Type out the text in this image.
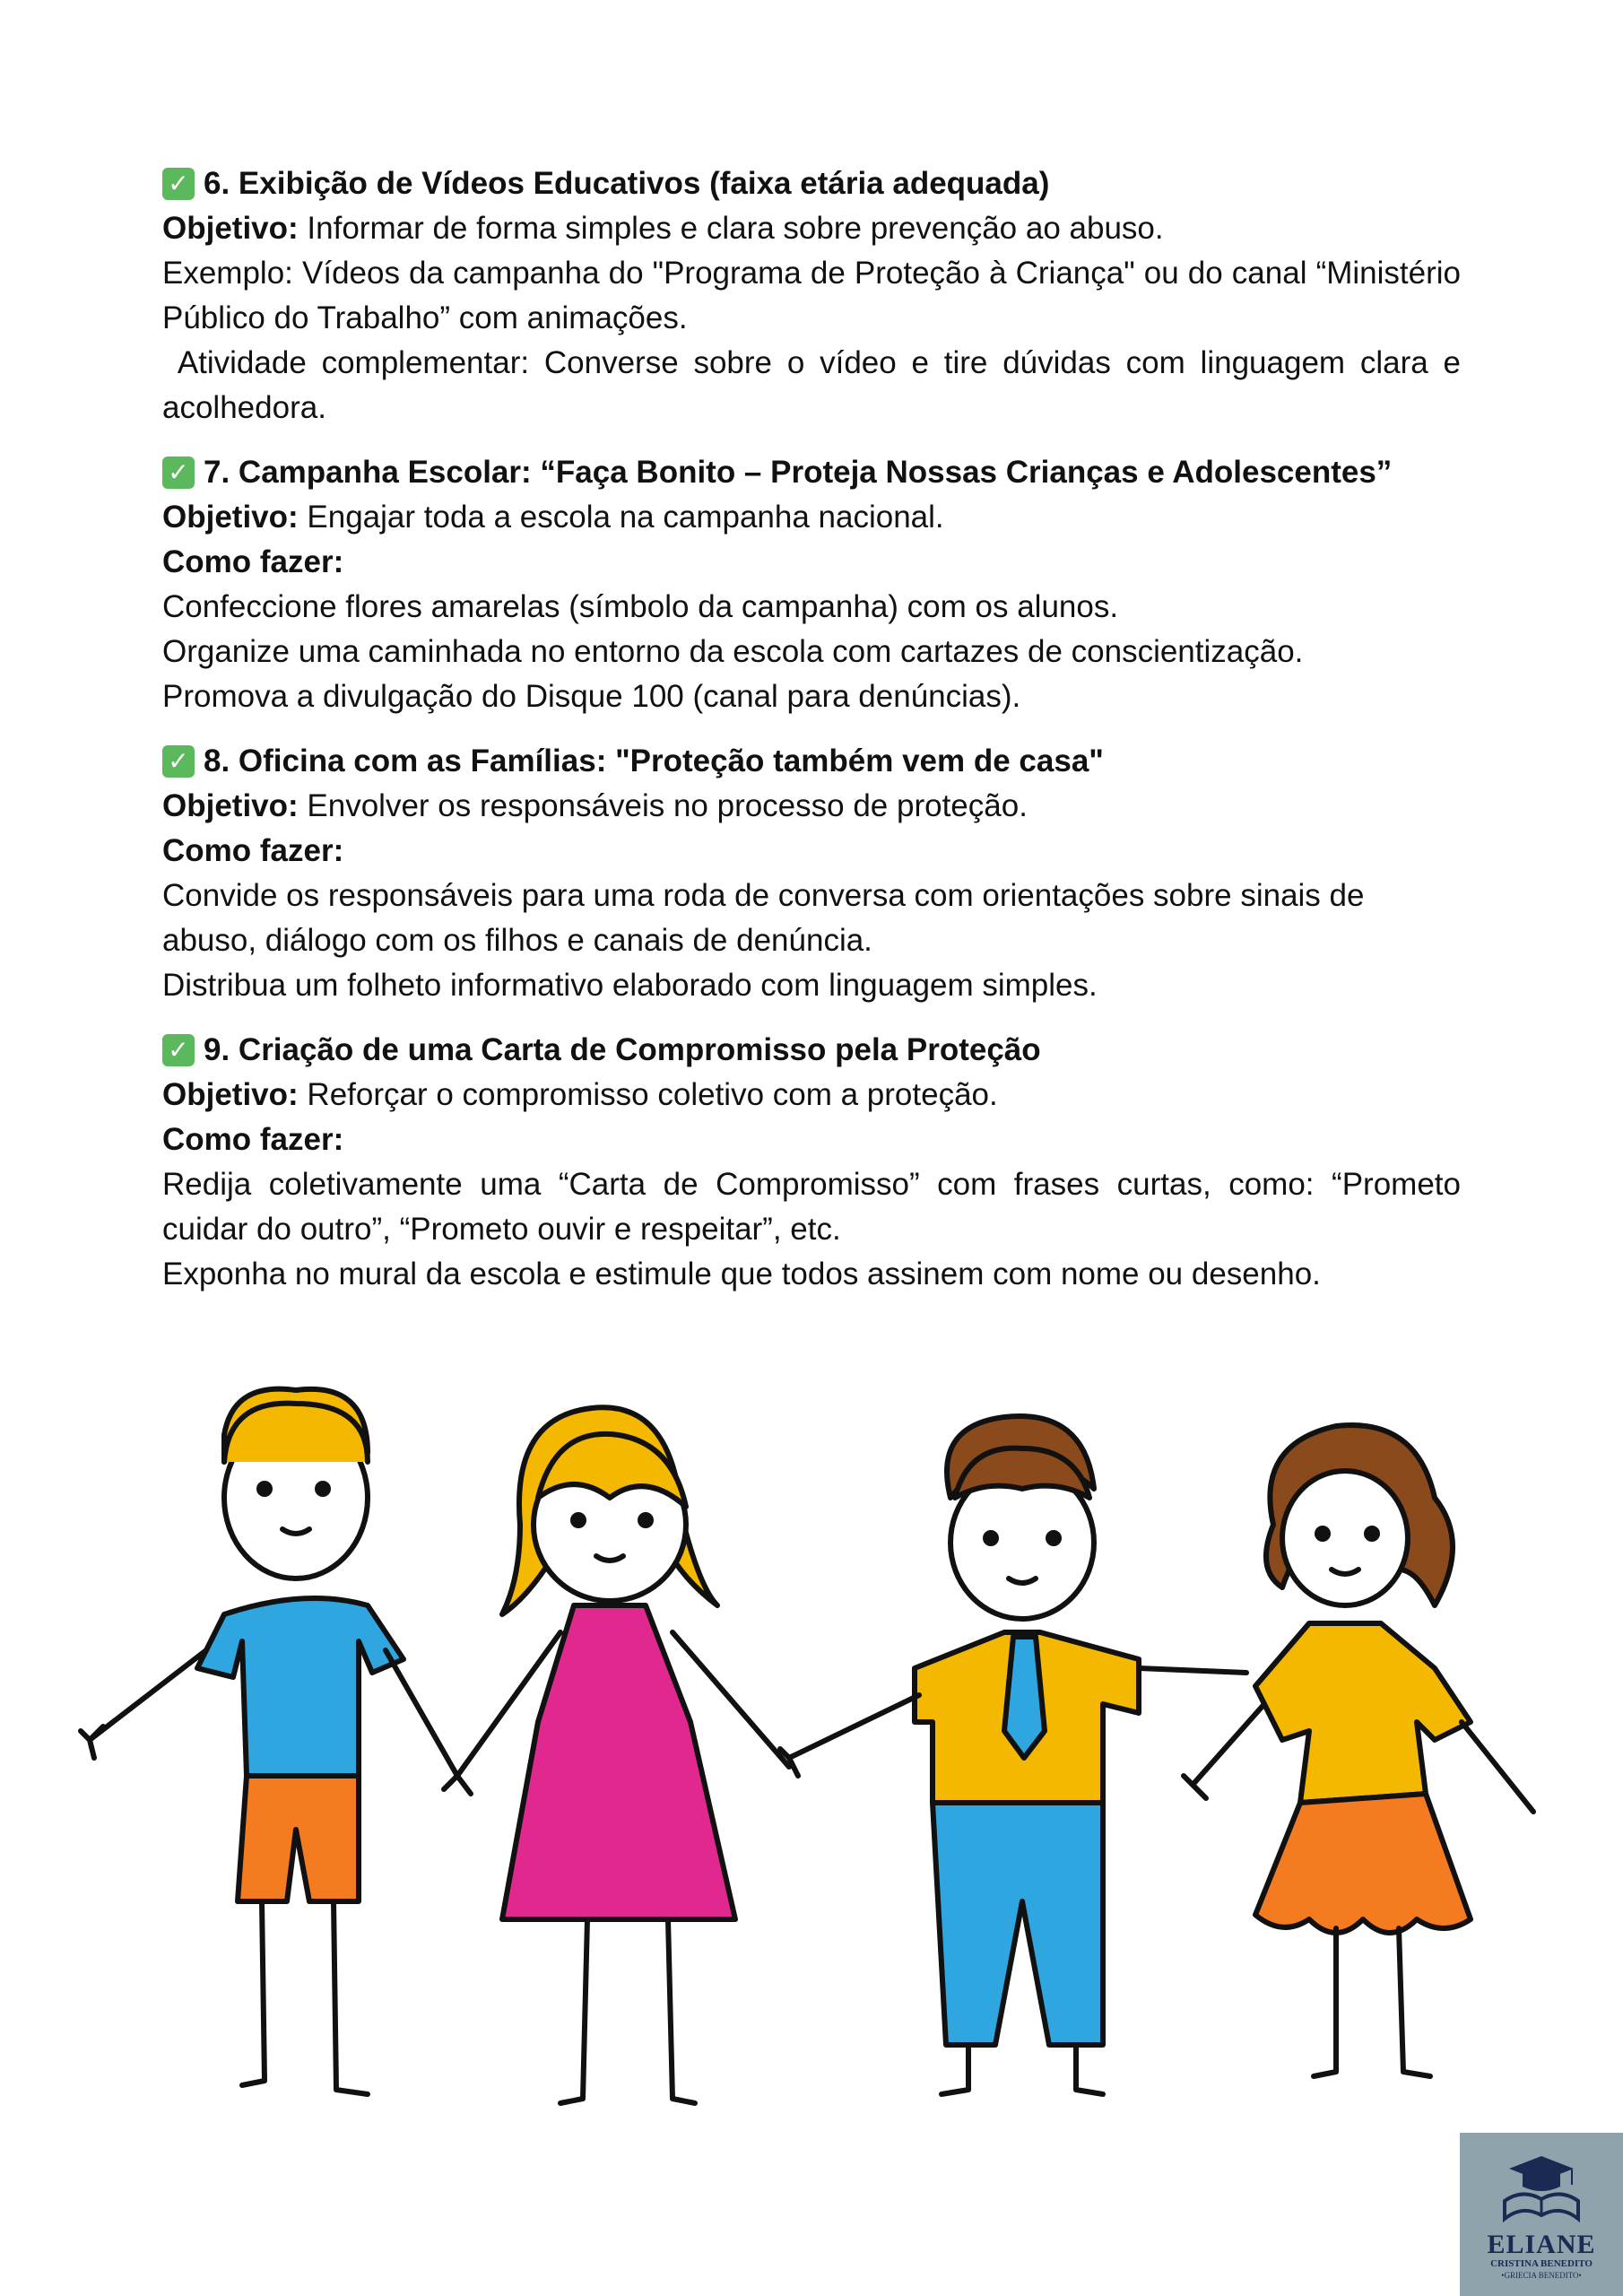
✓ 6. Exibição de Vídeos Educativos (faixa etária adequada)

Objetivo: Informar de forma simples e clara sobre prevenção ao abuso.

Exemplo: Vídeos da campanha do "Programa de Proteção à Criança" ou do canal “Ministério Público do Trabalho” com animações.

Atividade complementar: Converse sobre o vídeo e tire dúvidas com linguagem clara e acolhedora.

✓ 7. Campanha Escolar: “Faça Bonito – Proteja Nossas Crianças e Adolescentes”

Objetivo: Engajar toda a escola na campanha nacional.

Como fazer:

Confeccione flores amarelas (símbolo da campanha) com os alunos.

Organize uma caminhada no entorno da escola com cartazes de conscientização.

Promova a divulgação do Disque 100 (canal para denúncias).

✓ 8. Oficina com as Famílias: "Proteção também vem de casa"

Objetivo: Envolver os responsáveis no processo de proteção.

Como fazer:

Convide os responsáveis para uma roda de conversa com orientações sobre sinais de abuso, diálogo com os filhos e canais de denúncia.

Distribua um folheto informativo elaborado com linguagem simples.

✓ 9. Criação de uma Carta de Compromisso pela Proteção

Objetivo: Reforçar o compromisso coletivo com a proteção.

Como fazer:

Redija coletivamente uma “Carta de Compromisso” com frases curtas, como: “Prometo cuidar do outro”, “Prometo ouvir e respeitar”, etc.

Exponha no mural da escola e estimule que todos assinem com nome ou desenho.

ELIANE
CRISTINA BENEDITO
•GRIECIA BENEDITO•
